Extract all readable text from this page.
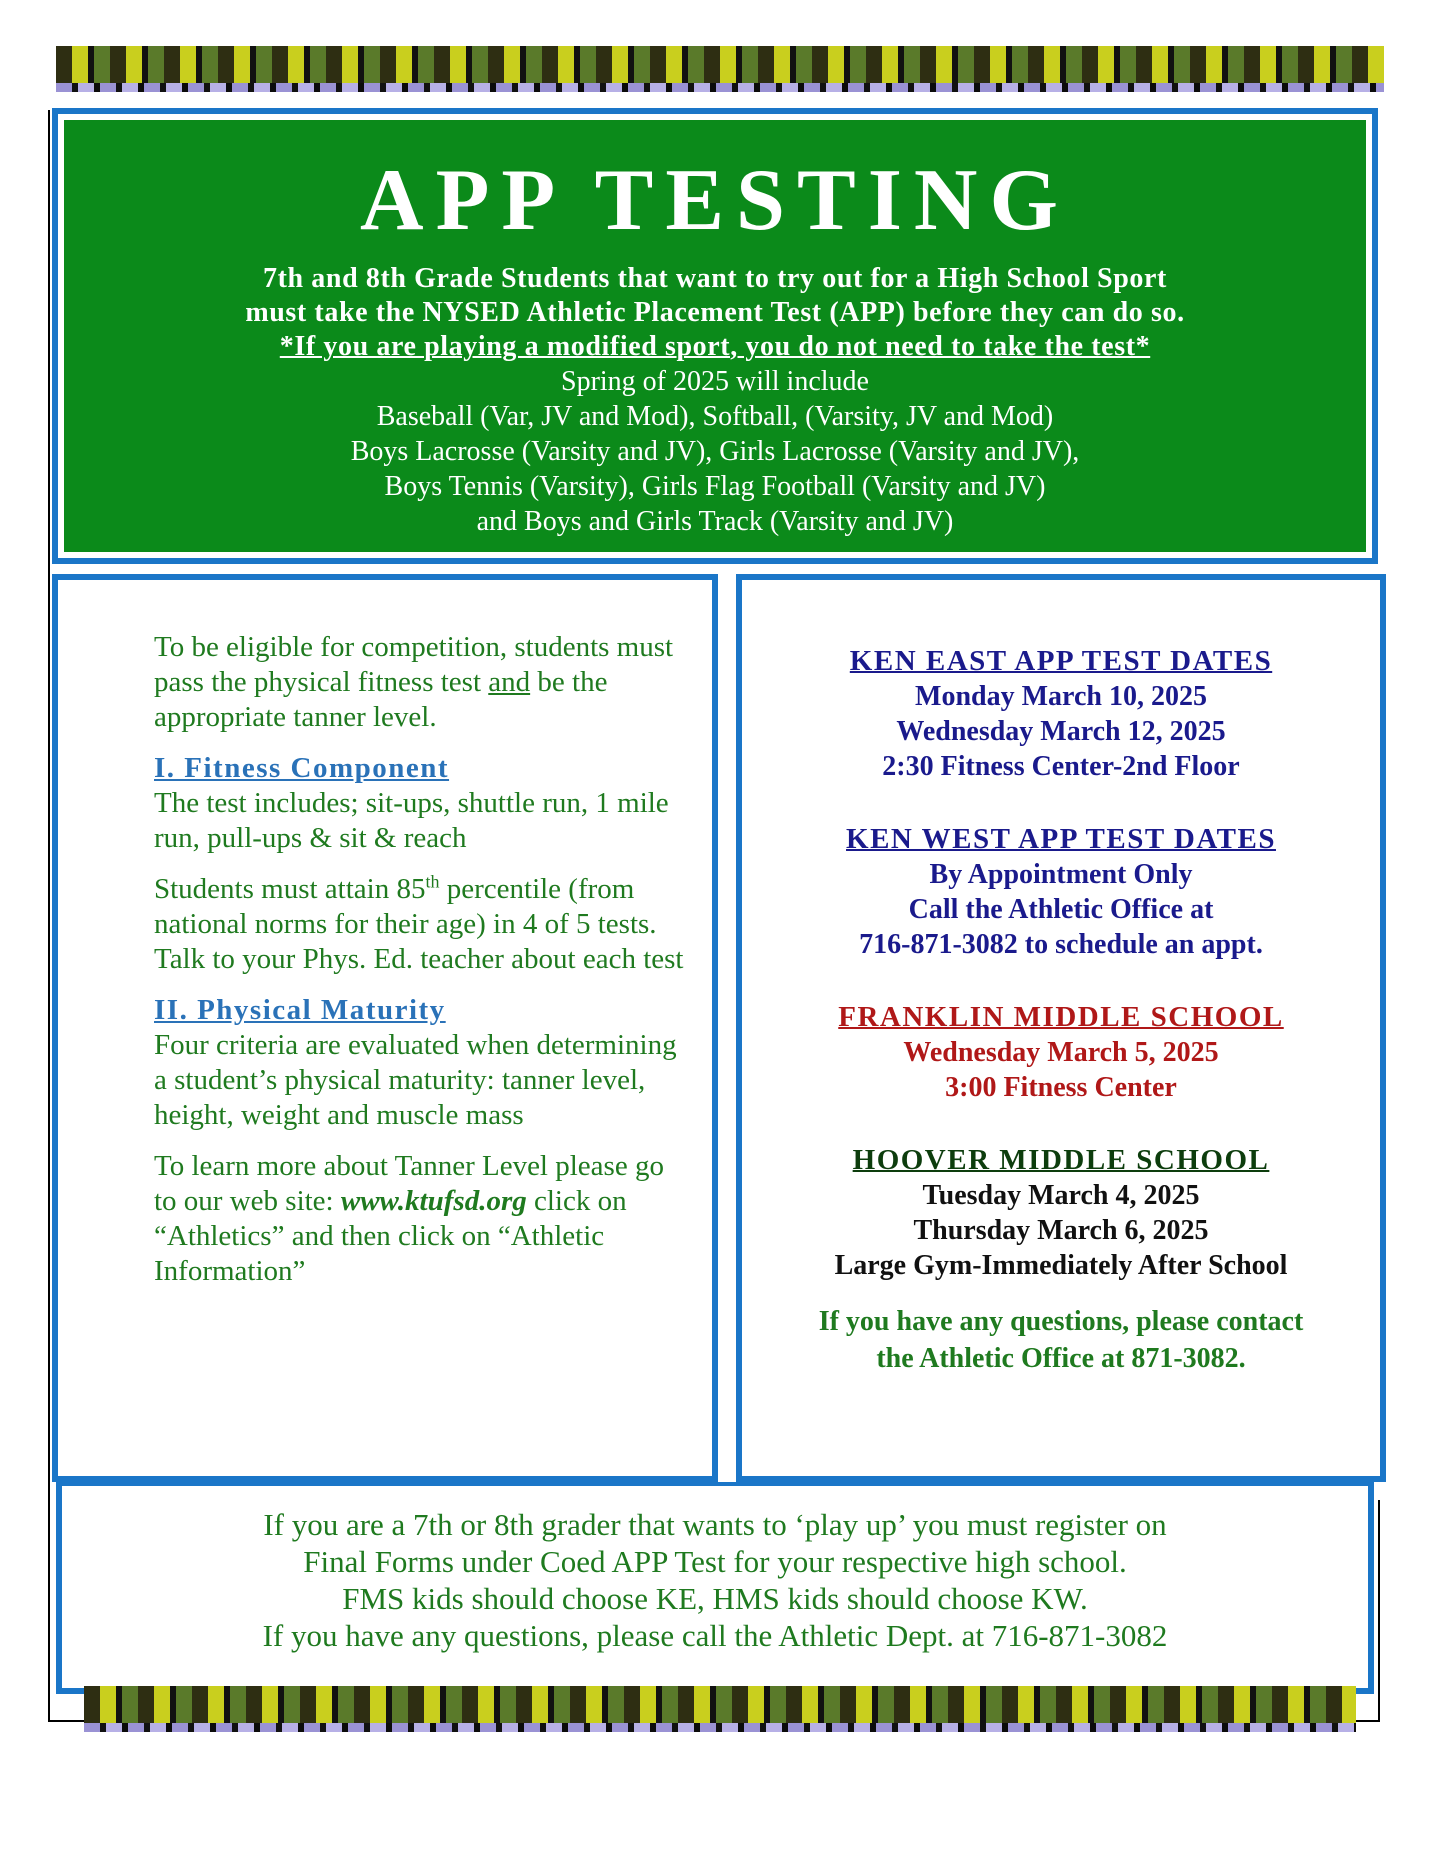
APP TESTING
7th and 8th Grade Students that want to try out for a High School Sport
must take the NYSED Athletic Placement Test (APP) before they can do so.
*If you are playing a modified sport, you do not need to take the test*
Spring of 2025 will include
Baseball (Var, JV and Mod), Softball, (Varsity, JV and Mod)
Boys Lacrosse (Varsity and JV), Girls Lacrosse (Varsity and JV),
Boys Tennis (Varsity), Girls Flag Football (Varsity and JV)
and Boys and Girls Track (Varsity and JV)

To be eligible for competition, students must pass the physical fitness test and be the appropriate tanner level.

I. Fitness Component

The test includes; sit-ups, shuttle run, 1 mile run, pull-ups & sit & reach

Students must attain 85th percentile (from national norms for their age) in 4 of 5 tests. Talk to your Phys. Ed. teacher about each test

II. Physical Maturity

Four criteria are evaluated when determining a student’s physical maturity: tanner level, height, weight and muscle mass

To learn more about Tanner Level please go to our web site: www.ktufsd.org click on “Athletics” and then click on “Athletic Information”

KEN EAST APP TEST DATES
Monday March 10, 2025
Wednesday March 12, 2025
2:30 Fitness Center-2nd Floor
KEN WEST APP TEST DATES
By Appointment Only
Call the Athletic Office at
716-871-3082 to schedule an appt.
FRANKLIN MIDDLE SCHOOL
Wednesday March 5, 2025
3:00 Fitness Center
HOOVER MIDDLE SCHOOL
Tuesday March 4, 2025
Thursday March 6, 2025
Large Gym-Immediately After School
If you have any questions, please contact
the Athletic Office at 871-3082.
If you are a 7th or 8th grader that wants to ‘play up’ you must register on
Final Forms under Coed APP Test for your respective high school.
FMS kids should choose KE, HMS kids should choose KW.
If you have any questions, please call the Athletic Dept. at 716-871-3082
